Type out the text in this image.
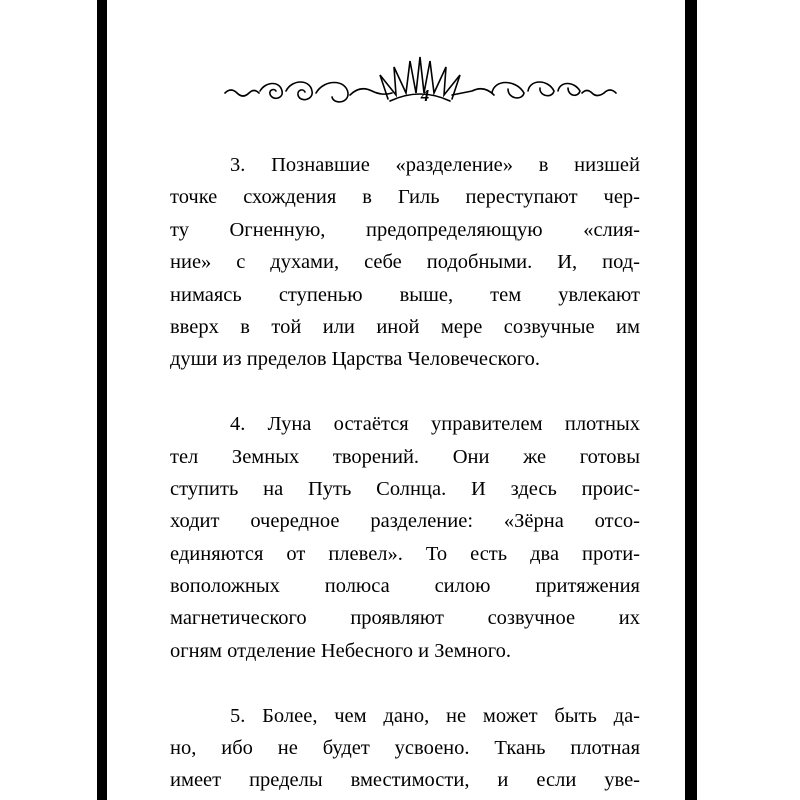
4
3. Познавшие «разделение» в низшей
точке схождения в Гиль переступают чер-
ту Огненную, предопределяющую «слия-
ние» с духами, себе подобными. И, под-
нимаясь ступенью выше, тем увлекают
вверх в той или иной мере созвучные им
души из пределов Царства Человеческого.
4. Луна остаётся управителем плотных
тел Земных творений. Они же готовы
ступить на Путь Солнца. И здесь проис-
ходит очередное разделение: «Зёрна отсо-
единяются от плевел». То есть два проти-
воположных полюса силою притяжения
магнетического проявляют созвучное их
огням отделение Небесного и Земного.
5. Более, чем дано, не может быть да-
но, ибо не будет усвоено. Ткань плотная
имеет пределы вместимости, и если уве-
